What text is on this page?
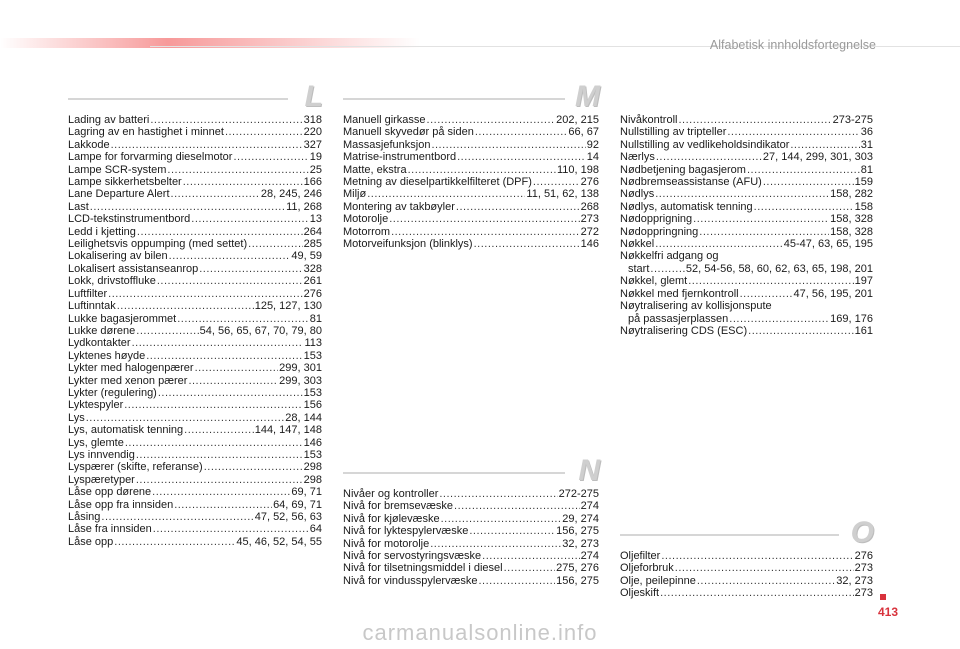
Alfabetisk innholdsfortegnelse
L
Lading av batteri .....	318
Lagring av en hastighet i minnet .....	220
Lakkode .....	327
Lampe for forvarming dieselmotor .....	19
Lampe SCR-system .....	25
Lampe sikkerhetsbelter .....	166
Lane Departure Alert .....	28, 245, 246
Last .....	11, 268
LCD-tekstinstrumentbord .....	13
Ledd i kjetting .....	264
Leilighetsvis oppumping (med settet) .....	285
Lokalisering av bilen .....	49, 59
Lokalisert assistanseanrop .....	328
Lokk, drivstofflukе .....	261
Luftfilter .....	276
Luftinntak .....	125, 127, 130
Lukke bagasjerommet .....	81
Lukke dørene .....	54, 56, 65, 67, 70, 79, 80
Lydkontakter .....	113
Lyktenes høyde .....	153
Lykter med halogenpærer .....	299, 301
Lykter med xenon pærer .....	299, 303
Lykter (regulering) .....	153
Lyktespyler .....	156
Lys .....	28, 144
Lys, automatisk tenning .....	144, 147, 148
Lys, glemte .....	146
Lys innvendig .....	153
Lyspærer (skifte, referanse) .....	298
Lyspæretyper .....	298
Låse opp dørene .....	69, 71
Låse opp fra innsiden .....	64, 69, 71
Låsing .....	47, 52, 56, 63
Låse fra innsiden .....	64
Låse opp .....	45, 46, 52, 54, 55
M
Manuell girkasse .....	202, 215
Manuell skyvedør på siden .....	66, 67
Massasjefunksjon .....	92
Matrise-instrumentbord .....	14
Matte, ekstra .....	110, 198
Metning av dieselpartikkelfilteret (DPF) .....	276
Miljø .....	11, 51, 62, 138
Montering av takbøyler .....	268
Motorolje .....	273
Motorrom .....	272
Motorveifunksjon (blinklys) .....	146
N
Nivåer og kontroller .....	272-275
Nivå for bremsevæske .....	274
Nivå for kjølevæske .....	29, 274
Nivå for lyktespylervæske .....	156, 275
Nivå for motorolje .....	32, 273
Nivå for servostyringsvæske .....	274
Nivå for tilsetningsmiddel i diesel .....	275, 276
Nivå for vindusspylervæske .....	156, 275
Nivåkontroll .....	273-275
Nullstilling av tripteller .....	36
Nullstilling av vedlikeholdsindikator .....	31
Nærlys .....	27, 144, 299, 301, 303
Nødbetjening bagasjerom .....	81
Nødbremseassistanse (AFU) .....	159
Nødlys .....	158, 282
Nødlys, automatisk tenning .....	158
Nødopprigning .....	158, 328
Nødoppringning .....	158, 328
Nøkkel .....	45-47, 63, 65, 195
Nøkkelfri adgang og
start .....	52, 54-56, 58, 60, 62, 63, 65, 198, 201
Nøkkel, glemt .....	197
Nøkkel med fjernkontroll .....	47, 56, 195, 201
Nøytralisering av kollisjonspute
på passasjerplassen .....	169, 176
Nøytralisering CDS (ESC) .....	161
O
Oljefilter .....	276
Oljeforbruk .....	273
Olje, peilepinne .....	32, 273
Oljeskift .....	273
413
carmanualsonline.info
